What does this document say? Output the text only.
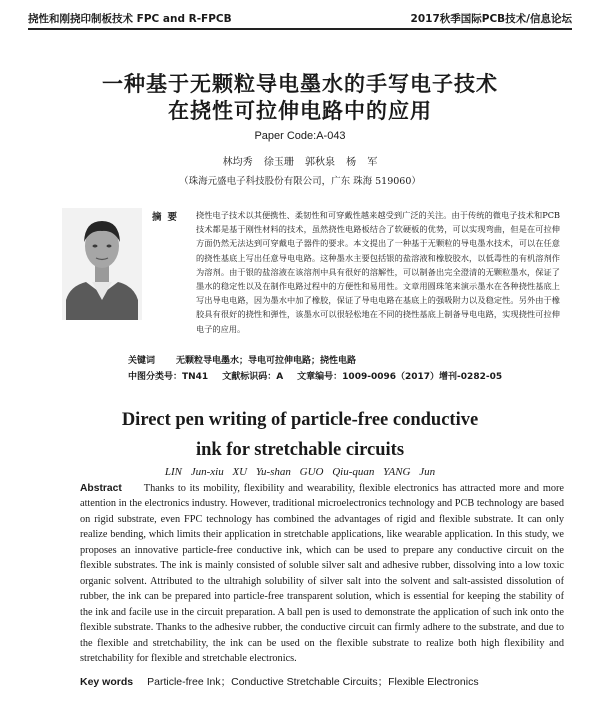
挠性和刚挠印制板技术 FPC and R-FPCB	2017秋季国际PCB技术/信息论坛
一种基于无颗粒导电墨水的手写电子技术
在挠性可拉伸电路中的应用
Paper Code:A-043
林均秀 徐玉珊 郭秋泉 杨 军
（珠海元盛电子科技股份有限公司，广东 珠海 519060）
摘要 挠性电子技术以其便携性、柔韧性和可穿戴性越来越受到广泛的关注。由于传统的微电子技术和PCB技术都是基于刚性材料的技术，虽然挠性电路板结合了软硬板的优势，可以实现弯曲，但是在可拉伸方面仍然无法达到可穿戴电子器件的要求。本文提出了一种基于无颗粒的导电墨水技术，可以在任意的挠性基底上写出任意导电电路。这种墨水主要包括银的盐溶液和橡胶胶水，以低毒性的有机溶剂作为溶剂。由于银的盐溶液在该溶剂中具有很好的溶解性，可以制备出完全澄清的无颗粒墨水，保证了墨水的稳定性以及在制作电路过程中的方便性和易用性。文章用圆珠笔来演示墨水在各种挠性基底上写出导电电路，因为墨水中加了橡胶，保证了导电电路在基底上的强吸附力以及稳定性。另外由于橡胶具有很好的挠性和弹性，该墨水可以很轻松地在不同的挠性基底上制备导电电路，实现挠性可拉伸电子的应用。
关键词 无颗粒导电墨水；导电可拉伸电路；挠性电路
中图分类号：TN41 文献标识码：A 文章编号：1009-0096（2017）增刊-0282-05
Direct pen writing of particle-free conductive
ink for stretchable circuits
LIN Jun-xiu XU Yu-shan GUO Qiu-quan YANG Jun
Abstract Thanks to its mobility, flexibility and wearability, flexible electronics has attracted more and more attention in the electronics industry. However, traditional microelectronics technology and PCB technology are based on rigid substrate, even FPC technology has combined the advantages of rigid and flexible substrate. It can only realize bending, which limits their application in stretchable applications, like wearable application. In this study, we proposes an innovative particle-free conductive ink, which can be used to prepare any conductive circuit on the flexible substrates. The ink is mainly consisted of soluble silver salt and adhesive rubber, dissolving into a low toxic organic solvent. Attributed to the ultrahigh solubility of silver salt into the solvent and salt-assisted dissolution of rubber, the ink can be prepared into particle-free transparent solution, which is essential for keeping the stability of the ink and facile use in the circuit preparation. A ball pen is used to demonstrate the application of such ink onto the flexible substrate. Thanks to the adhesive rubber, the conductive circuit can firmly adhere to the substrate, and due to the flexible and stretchability, the ink can be used on the flexible substrate to realize both high flexibility and stretchability for flexible and stretchable electronics.
Key words Particle-free Ink；Conductive Stretchable Circuits；Flexible Electronics
